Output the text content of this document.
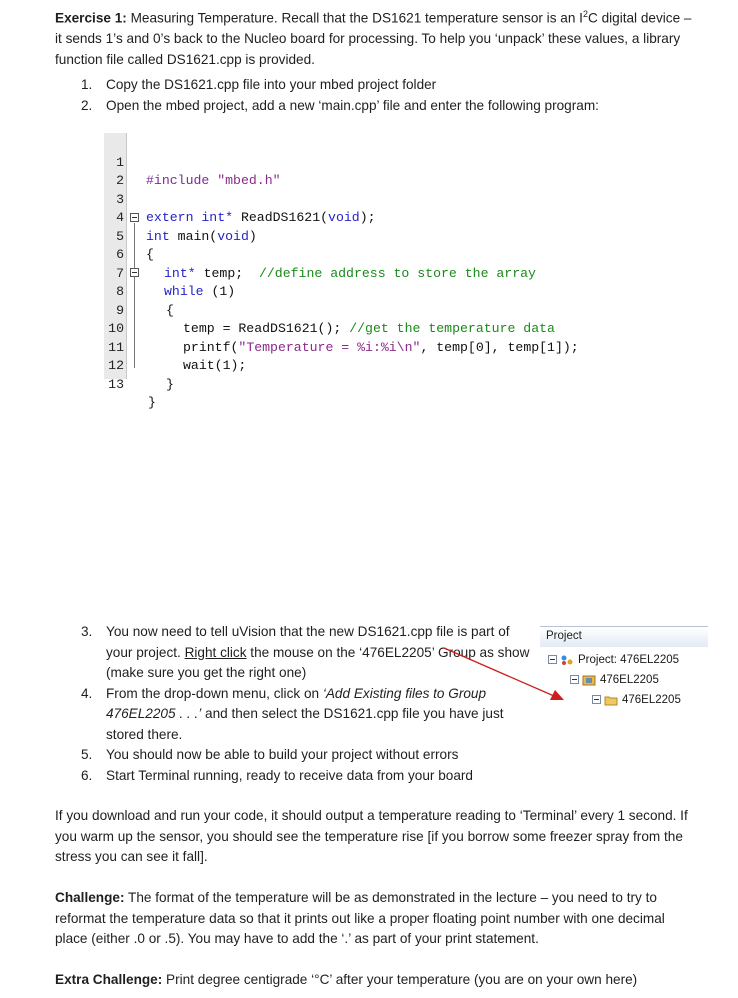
Exercise 1: Measuring Temperature. Recall that the DS1621 temperature sensor is an $I^2C$ digital device – it sends 1’s and 0’s back to the Nucleo board for processing. To help you ‘unpack’ these values, a library function file called DS1621.cpp is provided.
1. Copy the DS1621.cpp file into your mbed project folder
2. Open the mbed project, add a new ‘main.cpp’ file and enter the following program:

1

#include "mbed.h"

2

3

extern int* ReadDS1621(void);

4

int main(void)

5

{

6

int* temp;  //define address to store the array

7

while (1)

8

{

9

temp = ReadDS1621(); //get the temperature data

10

printf("Temperature = %i:%i\n", temp[0], temp[1]);

11

wait(1);

12

}

13

}

3. You now need to tell uVision that the new DS1621.cpp file is part of your project. Right click the mouse on the ‘476EL2205’ Group as show (make sure you get the right one)
4. From the drop-down menu, click on ‘Add Existing files to Group 476EL2205 . . .’ and then select the DS1621.cpp file you have just stored there.
5. You should now be able to build your project without errors
6. Start Terminal running, ready to receive data from your board
Project
Project: 476EL2205
476EL2205
476EL2205
If you download and run your code, it should output a temperature reading to ‘Terminal’ every 1 second. If you warm up the sensor, you should see the temperature rise [if you borrow some freezer spray from the stress you can see it fall].
Challenge: The format of the temperature will be as demonstrated in the lecture – you need to try to reformat the temperature data so that it prints out like a proper floating point number with one decimal place (either .0 or .5). You may have to add the ‘.’ as part of your print statement.
Extra Challenge: Print degree centigrade ‘°C’ after your temperature (you are on your own here)
